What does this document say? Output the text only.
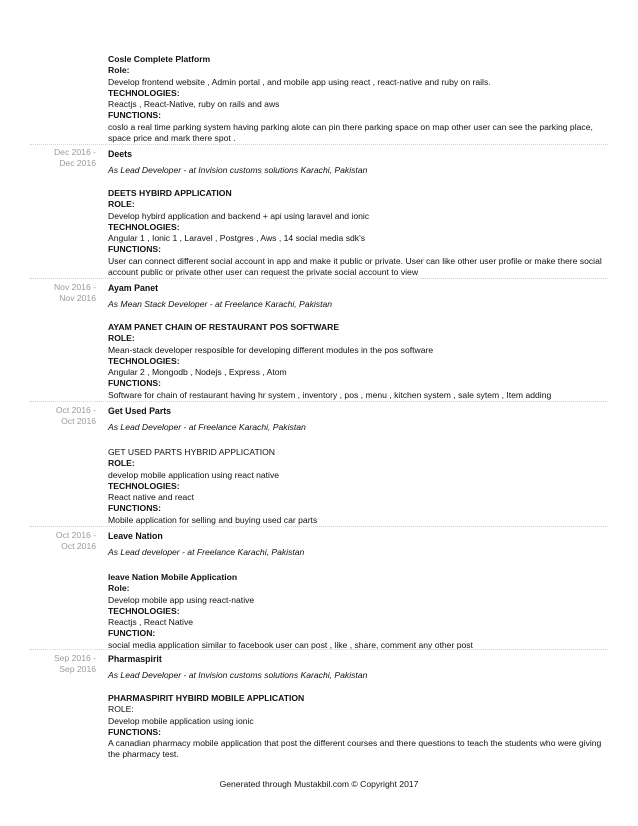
Cosle Complete Platform
Role:
Develop frontend website , Admin portal , and mobile app using react , react-native and ruby on rails.
TECHNOLOGIES:
Reactjs , React-Native, ruby on rails and aws
FUNCTIONS:
coslo a real time parking system having parking alote can pin there parking space on map other user can see the parking place, space price and mark there spot .
Dec 2016 -
Dec 2016
Deets
As Lead Developer - at Invision customs solutions Karachi, Pakistan
DEETS HYBIRD APPLICATION
ROLE:
Develop hybird application and backend + api using laravel and ionic
TECHNOLOGIES:
Angular 1 , Ionic 1 , Laravel , Postgres , Aws , 14 social media sdk's
FUNCTIONS:
User can connect different social account in app and make it public or private. User can like other user profile or make there social account public or private other user can request the private social account to view
Nov 2016 -
Nov 2016
Ayam Panet
As Mean Stack Developer - at Freelance Karachi, Pakistan
AYAM PANET CHAIN OF RESTAURANT POS SOFTWARE
ROLE:
Mean-stack developer resposible for developing different modules in the pos software
TECHNOLOGIES:
Angular 2 , Mongodb , Nodejs , Express , Atom
FUNCTIONS:
Software for chain of restaurant having hr system , inventory , pos , menu , kitchen system , sale sytem , Item adding
Oct 2016 -
Oct 2016
Get Used Parts
As Lead Developer - at Freelance Karachi, Pakistan
GET USED PARTS HYBRID APPLICATION
ROLE:
develop mobile application using react native
TECHNOLOGIES:
React native and react
FUNCTIONS:
Mobile application for selling and buying used car parts
Oct 2016 -
Oct 2016
Leave Nation
As Lead developer - at Freelance Karachi, Pakistan
leave Nation Mobile Application
Role:
Develop mobile app using react-native
TECHNOLOGIES:
Reactjs , React Native
FUNCTION:
social media application similar to facebook user can post , like , share, comment any other post
Sep 2016 -
Sep 2016
Pharmaspirit
As Lead Developer - at Invision customs solutions Karachi, Pakistan
PHARMASPIRIT HYBIRD MOBILE APPLICATION
ROLE:
Develop mobile application using ionic
FUNCTIONS:
A canadian pharmacy mobile application that post the different courses and there questions to teach the students who were giving the pharmacy test.
Generated through Mustakbil.com © Copyright 2017
